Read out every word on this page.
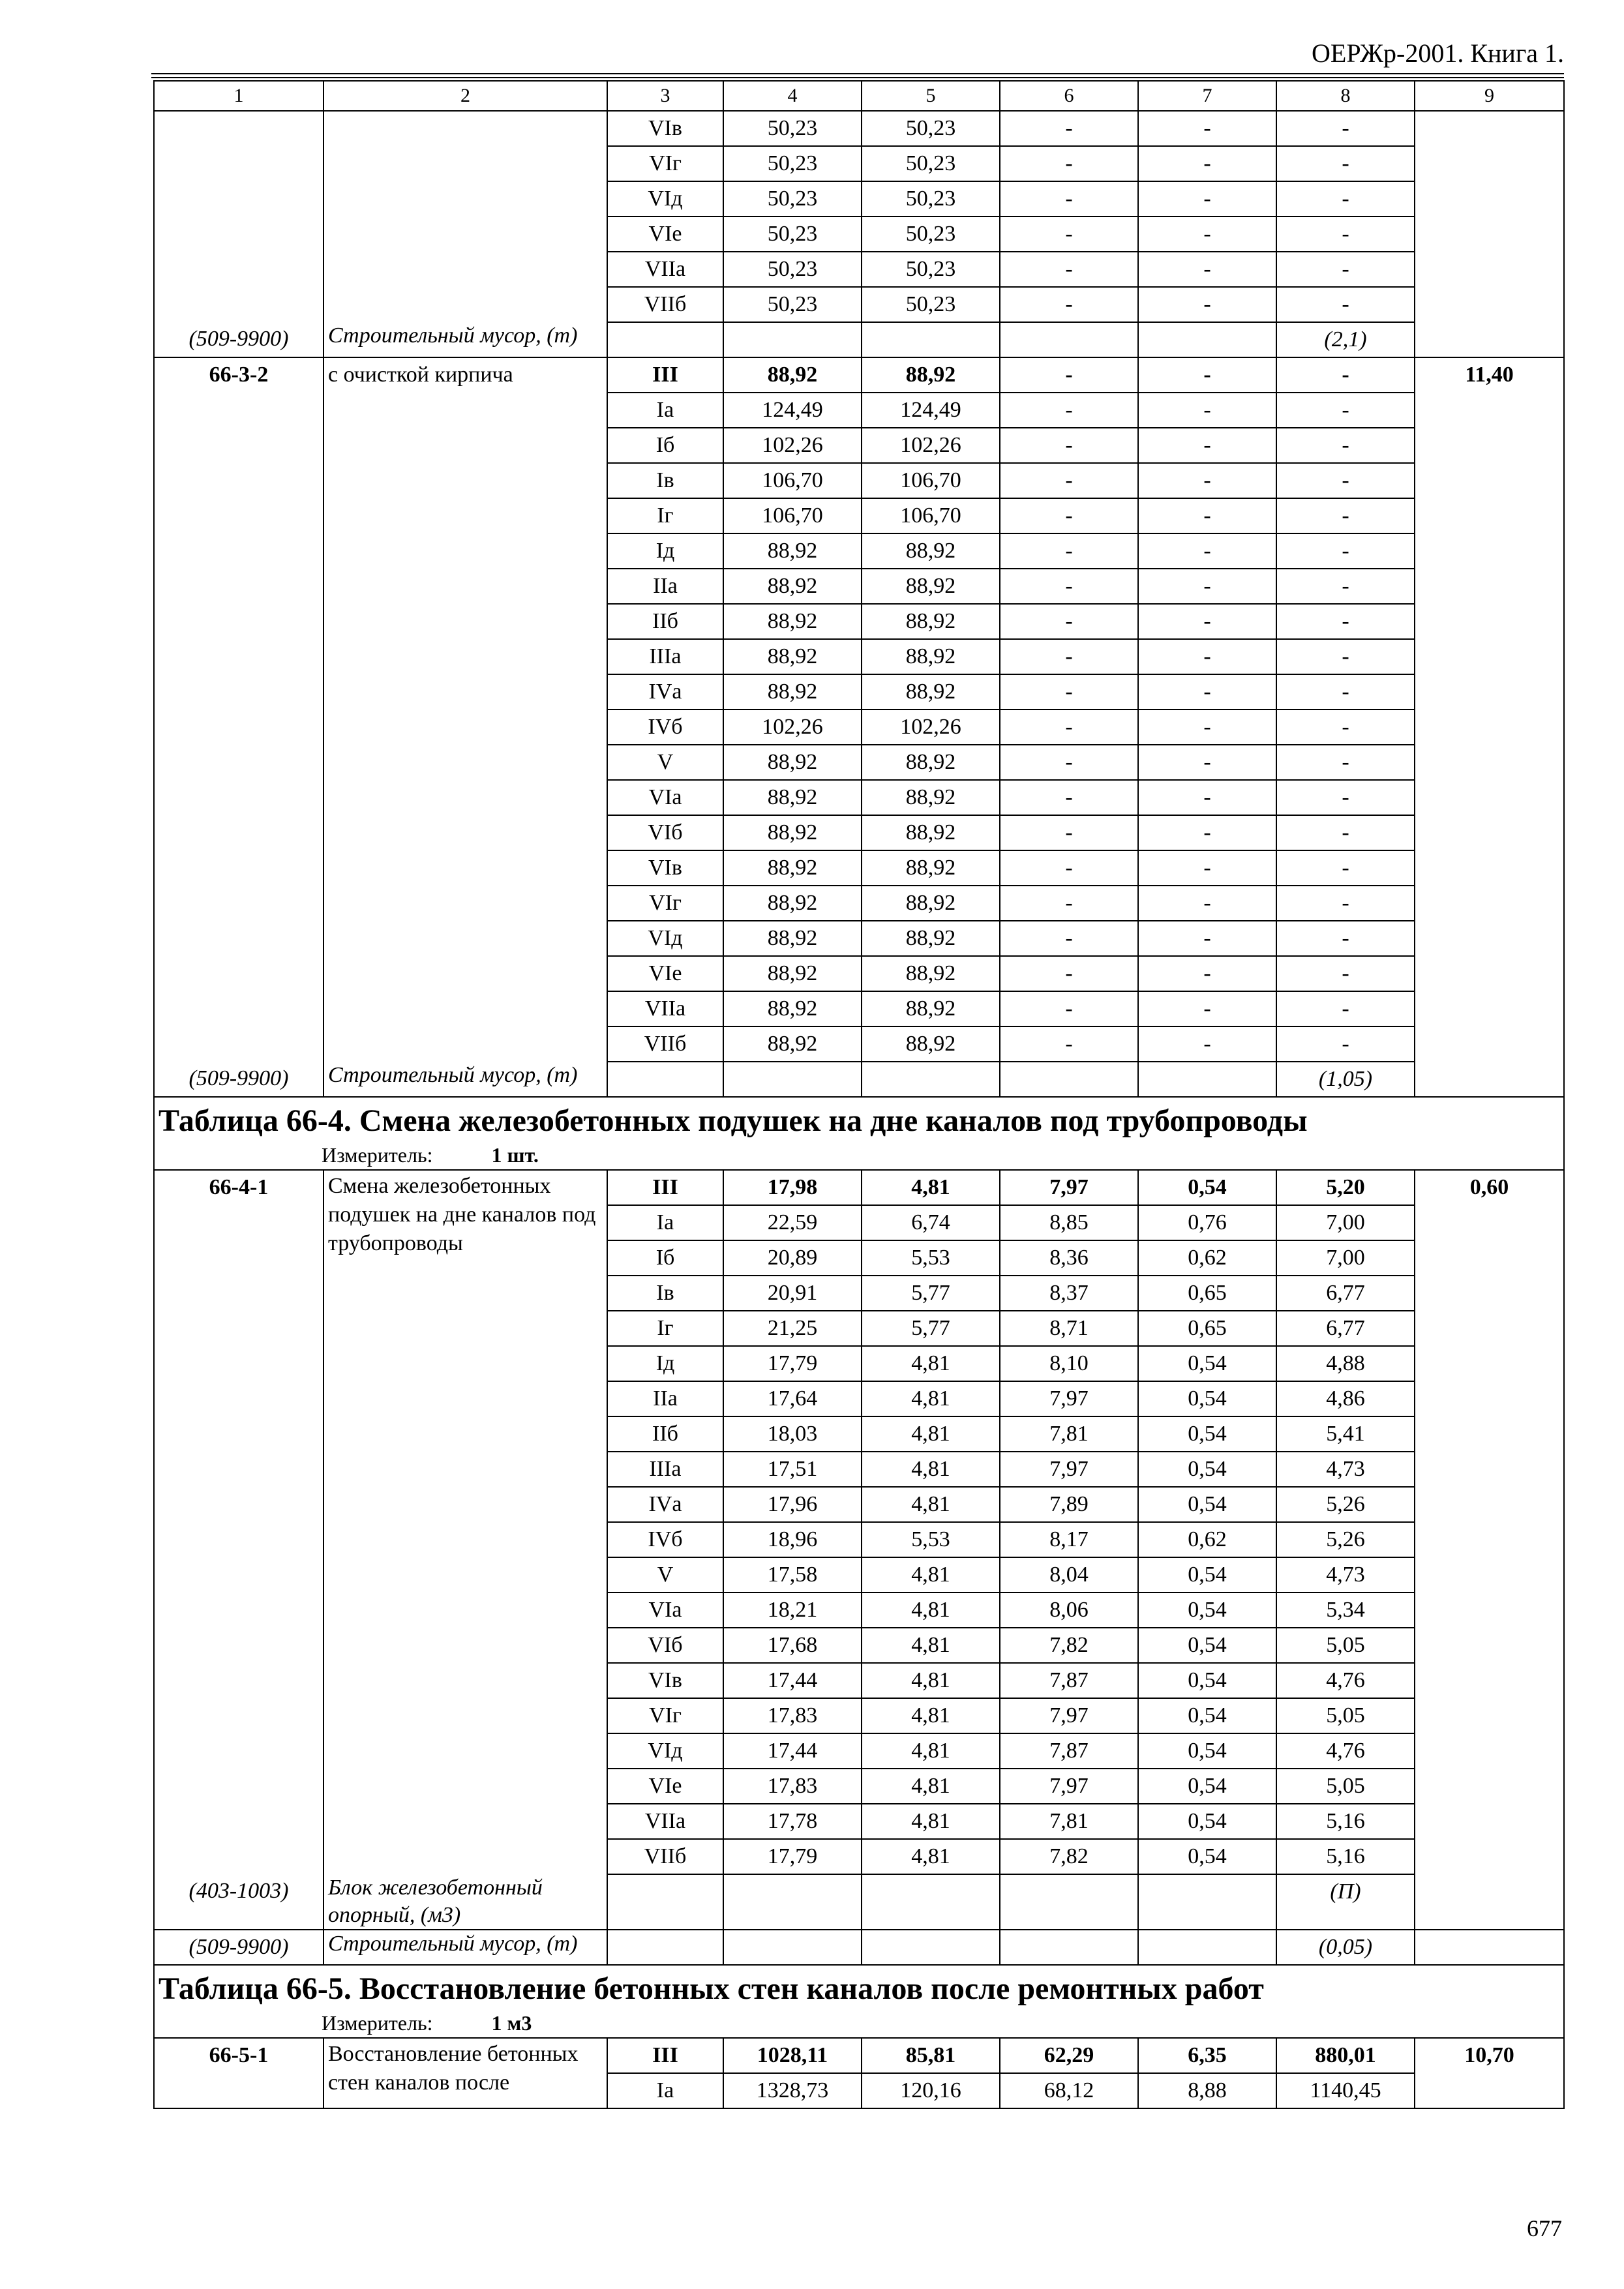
ОЕРЖр-2001. Книга 1.
1	2	3	4	5	6	7	8	9
		VIв	50,23	50,23	-	-	-	
		VIг	50,23	50,23	-	-	-	
		VIд	50,23	50,23	-	-	-	
		VIе	50,23	50,23	-	-	-	
		VIIа	50,23	50,23	-	-	-	
		VIIб	50,23	50,23	-	-	-	
(509-9900)	Строительный мусор, (т)						(2,1)	
66-3-2	с очисткой кирпича	III	88,92	88,92	-	-	-	11,40
		Iа	124,49	124,49	-	-	-	
		Iб	102,26	102,26	-	-	-	
		Iв	106,70	106,70	-	-	-	
		Iг	106,70	106,70	-	-	-	
		Iд	88,92	88,92	-	-	-	
		IIа	88,92	88,92	-	-	-	
		IIб	88,92	88,92	-	-	-	
		IIIа	88,92	88,92	-	-	-	
		IVа	88,92	88,92	-	-	-	
		IVб	102,26	102,26	-	-	-	
		V	88,92	88,92	-	-	-	
		VIа	88,92	88,92	-	-	-	
		VIб	88,92	88,92	-	-	-	
		VIв	88,92	88,92	-	-	-	
		VIг	88,92	88,92	-	-	-	
		VIд	88,92	88,92	-	-	-	
		VIе	88,92	88,92	-	-	-	
		VIIа	88,92	88,92	-	-	-	
		VIIб	88,92	88,92	-	-	-	
(509-9900)	Строительный мусор, (т)						(1,05)	

Таблица 66-4. Смена железобетонных подушек на дне каналов под трубопроводы
Измеритель: 1 шт.								

66-4-1	Смена железобетонных подушек на дне каналов под трубопроводы	III	17,98	4,81	7,97	0,54	5,20	0,60
		Iа	22,59	6,74	8,85	0,76	7,00	
		Iб	20,89	5,53	8,36	0,62	7,00	
		Iв	20,91	5,77	8,37	0,65	6,77	
		Iг	21,25	5,77	8,71	0,65	6,77	
		Iд	17,79	4,81	8,10	0,54	4,88	
		IIа	17,64	4,81	7,97	0,54	4,86	
		IIб	18,03	4,81	7,81	0,54	5,41	
		IIIа	17,51	4,81	7,97	0,54	4,73	
		IVа	17,96	4,81	7,89	0,54	5,26	
		IVб	18,96	5,53	8,17	0,62	5,26	
		V	17,58	4,81	8,04	0,54	4,73	
		VIа	18,21	4,81	8,06	0,54	5,34	
		VIб	17,68	4,81	7,82	0,54	5,05	
		VIв	17,44	4,81	7,87	0,54	4,76	
		VIг	17,83	4,81	7,97	0,54	5,05	
		VIд	17,44	4,81	7,87	0,54	4,76	
		VIе	17,83	4,81	7,97	0,54	5,05	
		VIIа	17,78	4,81	7,81	0,54	5,16	
		VIIб	17,79	4,81	7,82	0,54	5,16	
(403-1003)	Блок железобетонный опорный, (м3)						(П)	
(509-9900)	Строительный мусор, (т)						(0,05)	

Таблица 66-5. Восстановление бетонных стен каналов после ремонтных работ
Измеритель: 1 м3								

66-5-1	Восстановление бетонных стен каналов после	III	1028,11	85,81	62,29	6,35	880,01	10,70
		Iа	1328,73	120,16	68,12	8,88	1140,45	
677
